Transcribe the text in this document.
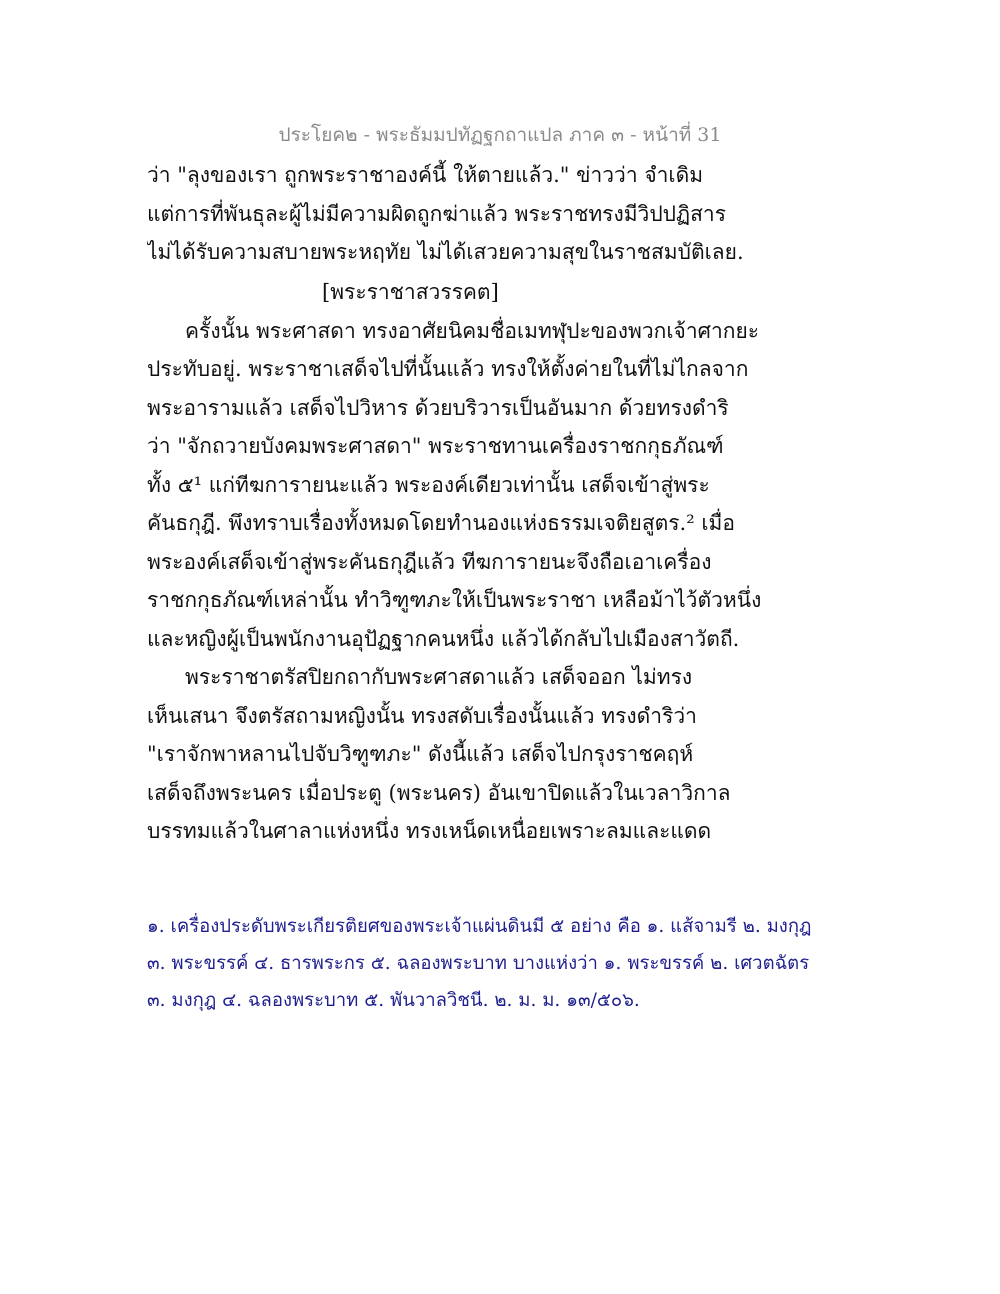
ประโยค๒ - พระธัมมปทัฏฐกถาแปล ภาค ๓ - หน้าที่ 31
ว่า "ลุงของเรา ถูกพระราชาองค์นี้ ให้ตายแล้ว." ข่าวว่า จำเดิม
แต่การที่พันธุละผู้ไม่มีความผิดถูกฆ่าแล้ว พระราชทรงมีวิปปฏิสาร
ไม่ได้รับความสบายพระหฤทัย ไม่ได้เสวยความสุขในราชสมบัติเลย.
[พระราชาสวรรคต]
ครั้งนั้น พระศาสดา ทรงอาศัยนิคมชื่อเมทฬุปะของพวกเจ้าศากยะ
ประทับอยู่. พระราชาเสด็จไปที่นั้นแล้ว ทรงให้ตั้งค่ายในที่ไม่ไกลจาก
พระอารามแล้ว เสด็จไปวิหาร ด้วยบริวารเป็นอันมาก ด้วยทรงดำริ
ว่า "จักถวายบังคมพระศาสดา" พระราชทานเครื่องราชกกุธภัณฑ์
ทั้ง ๕¹ แก่ทีฆการายนะแล้ว พระองค์เดียวเท่านั้น เสด็จเข้าสู่พระ
คันธกุฎี. พึงทราบเรื่องทั้งหมดโดยทำนองแห่งธรรมเจติยสูตร.² เมื่อ
พระองค์เสด็จเข้าสู่พระคันธกุฎีแล้ว ทีฆการายนะจึงถือเอาเครื่อง
ราชกกุธภัณฑ์เหล่านั้น ทำวิฑูฑภะให้เป็นพระราชา เหลือม้าไว้ตัวหนึ่ง
และหญิงผู้เป็นพนักงานอุปัฏฐากคนหนึ่ง แล้วได้กลับไปเมืองสาวัตถี.
พระราชาตรัสปิยกถากับพระศาสดาแล้ว เสด็จออก ไม่ทรง
เห็นเสนา จึงตรัสถามหญิงนั้น ทรงสดับเรื่องนั้นแล้ว ทรงดำริว่า
"เราจักพาหลานไปจับวิฑูฑภะ" ดังนี้แล้ว เสด็จไปกรุงราชคฤห์
เสด็จถึงพระนคร เมื่อประตู (พระนคร) อันเขาปิดแล้วในเวลาวิกาล
บรรทมแล้วในศาลาแห่งหนึ่ง ทรงเหน็ดเหนื่อยเพราะลมและแดด
๑. เครื่องประดับพระเกียรติยศของพระเจ้าแผ่นดินมี ๕ อย่าง คือ ๑. แส้จามรี ๒. มงกุฎ
๓. พระขรรค์ ๔. ธารพระกร ๕. ฉลองพระบาท บางแห่งว่า ๑. พระขรรค์ ๒. เศวตฉัตร
๓. มงกุฎ ๔. ฉลองพระบาท ๕. พันวาลวิชนี. ๒. ม. ม. ๑๓/๕๐๖.
